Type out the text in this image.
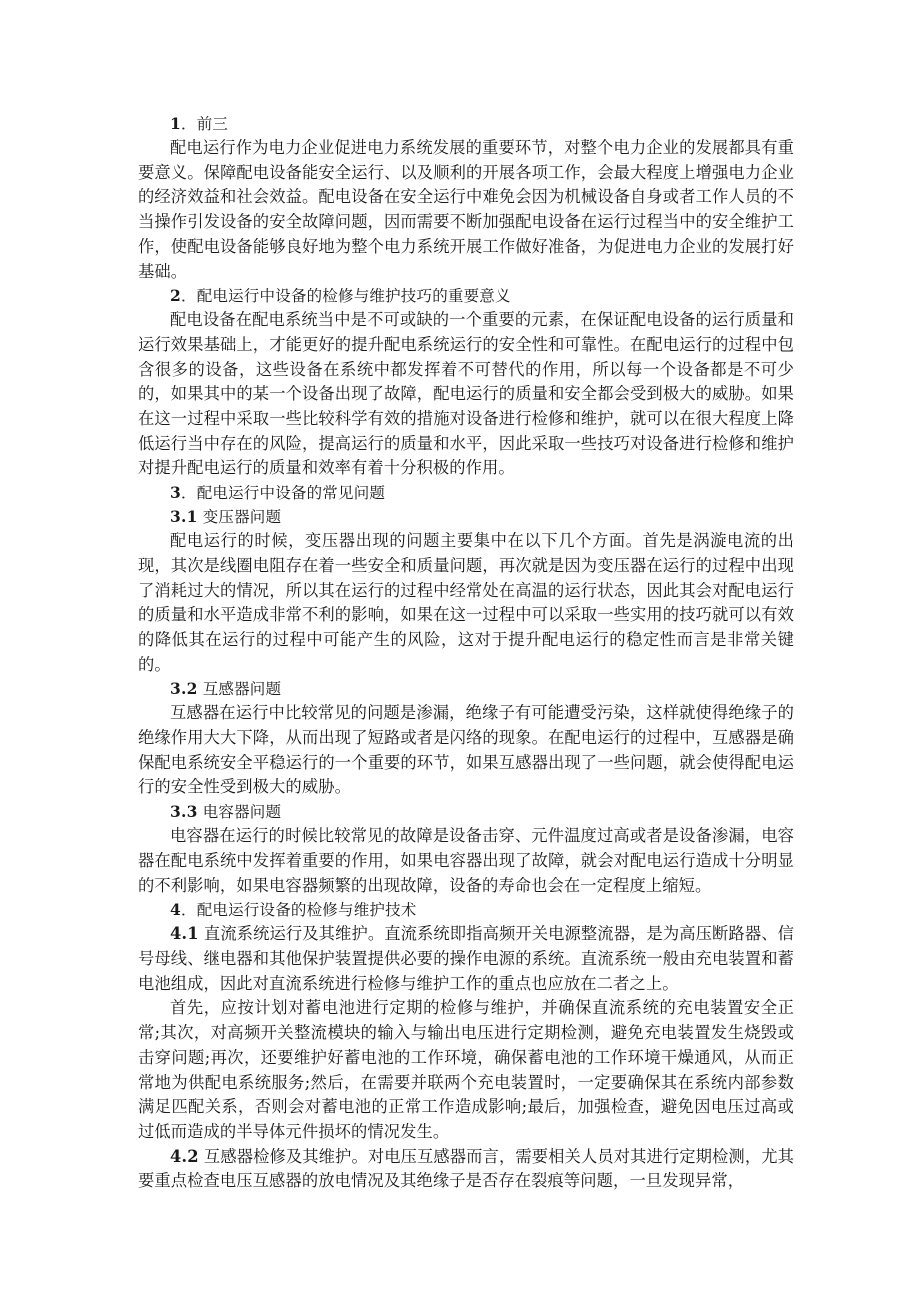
1．前三

配电运行作为电力企业促进电力系统发展的重要环节，对整个电力企业的发展都具有重要意义。保障配电设备能安全运行、以及顺利的开展各项工作，会最大程度上增强电力企业的经济效益和社会效益。配电设备在安全运行中难免会因为机械设备自身或者工作人员的不当操作引发设备的安全故障问题，因而需要不断加强配电设备在运行过程当中的安全维护工作，使配电设备能够良好地为整个电力系统开展工作做好准备，为促进电力企业的发展打好基础。

2．配电运行中设备的检修与维护技巧的重要意义

配电设备在配电系统当中是不可或缺的一个重要的元素，在保证配电设备的运行质量和运行效果基础上，才能更好的提升配电系统运行的安全性和可靠性。在配电运行的过程中包含很多的设备，这些设备在系统中都发挥着不可替代的作用，所以每一个设备都是不可少的，如果其中的某一个设备出现了故障，配电运行的质量和安全都会受到极大的威胁。如果在这一过程中采取一些比较科学有效的措施对设备进行检修和维护，就可以在很大程度上降低运行当中存在的风险，提高运行的质量和水平，因此采取一些技巧对设备进行检修和维护对提升配电运行的质量和效率有着十分积极的作用。

3．配电运行中设备的常见问题

3.1 变压器问题

配电运行的时候，变压器出现的问题主要集中在以下几个方面。首先是涡漩电流的出现，其次是线圈电阻存在着一些安全和质量问题，再次就是因为变压器在运行的过程中出现了消耗过大的情况，所以其在运行的过程中经常处在高温的运行状态，因此其会对配电运行的质量和水平造成非常不利的影响，如果在这一过程中可以采取一些实用的技巧就可以有效的降低其在运行的过程中可能产生的风险，这对于提升配电运行的稳定性而言是非常关键的。

3.2 互感器问题

互感器在运行中比较常见的问题是渗漏，绝缘子有可能遭受污染，这样就使得绝缘子的绝缘作用大大下降，从而出现了短路或者是闪络的现象。在配电运行的过程中，互感器是确保配电系统安全平稳运行的一个重要的环节，如果互感器出现了一些问题，就会使得配电运行的安全性受到极大的威胁。

3.3 电容器问题

电容器在运行的时候比较常见的故障是设备击穿、元件温度过高或者是设备渗漏，电容器在配电系统中发挥着重要的作用，如果电容器出现了故障，就会对配电运行造成十分明显的不利影响，如果电容器频繁的出现故障，设备的寿命也会在一定程度上缩短。

4．配电运行设备的检修与维护技术

4.1 直流系统运行及其维护。直流系统即指高频开关电源整流器，是为高压断路器、信号母线、继电器和其他保护装置提供必要的操作电源的系统。直流系统一般由充电装置和蓄电池组成，因此对直流系统进行检修与维护工作的重点也应放在二者之上。

首先，应按计划对蓄电池进行定期的检修与维护，并确保直流系统的充电装置安全正常;其次，对高频开关整流模块的输入与输出电压进行定期检测，避免充电装置发生烧毁或击穿问题;再次，还要维护好蓄电池的工作环境，确保蓄电池的工作环境干燥通风，从而正常地为供配电系统服务;然后，在需要并联两个充电装置时，一定要确保其在系统内部参数满足匹配关系，否则会对蓄电池的正常工作造成影响;最后，加强检查，避免因电压过高或过低而造成的半导体元件损坏的情况发生。

4.2 互感器检修及其维护。对电压互感器而言，需要相关人员对其进行定期检测，尤其要重点检查电压互感器的放电情况及其绝缘子是否存在裂痕等问题，一旦发现异常，
